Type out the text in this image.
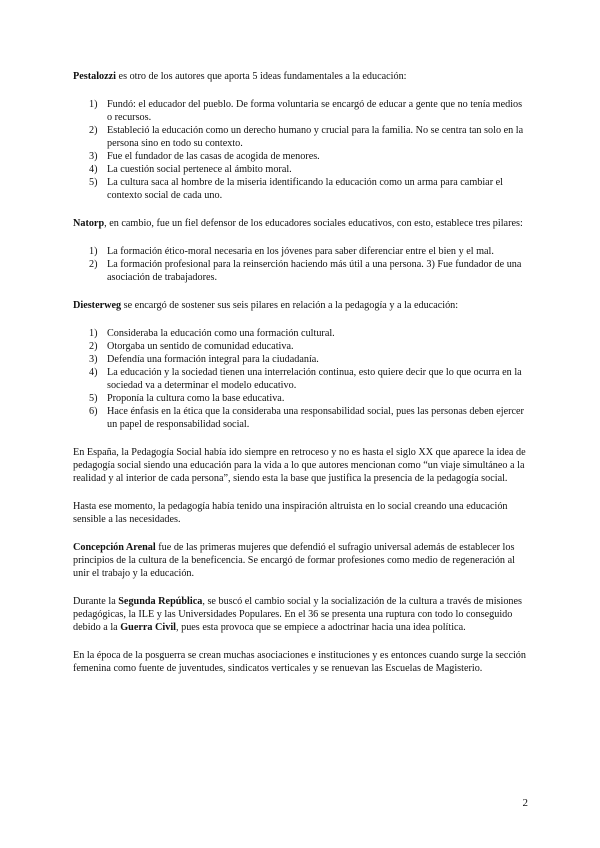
Pestalozzi es otro de los autores que aporta 5 ideas fundamentales a la educación:

1) Fundó: el educador del pueblo. De forma voluntaria se encargó de educar a gente que no tenía medios o recursos.
2) Estableció la educación como un derecho humano y crucial para la familia. No se centra tan solo en la persona sino en todo su contexto.
3) Fue el fundador de las casas de acogida de menores.
4) La cuestión social pertenece al ámbito moral.
5) La cultura saca al hombre de la miseria identificando la educación como un arma para cambiar el contexto social de cada uno.

Natorp, en cambio, fue un fiel defensor de los educadores sociales educativos, con esto, establece tres pilares:

1) La formación ético-moral necesaria en los jóvenes para saber diferenciar entre el bien y el mal.
2) La formación profesional para la reinserción haciendo más útil a una persona. 3) Fue fundador de una asociación de trabajadores.

Diesterweg se encargó de sostener sus seis pilares en relación a la pedagogía y a la educación:

1) Consideraba la educación como una formación cultural.
2) Otorgaba un sentido de comunidad educativa.
3) Defendía una formación integral para la ciudadanía.
4) La educación y la sociedad tienen una interrelación continua, esto quiere decir que lo que ocurra en la sociedad va a determinar el modelo educativo.
5) Proponía la cultura como la base educativa.
6) Hace énfasis en la ética que la consideraba una responsabilidad social, pues las personas deben ejercer un papel de responsabilidad social.

En España, la Pedagogía Social había ido siempre en retroceso y no es hasta el siglo XX que aparece la idea de pedagogía social siendo una educación para la vida a lo que autores mencionan como “un viaje simultáneo a la realidad y al interior de cada persona”, siendo esta la base que justifica la presencia de la pedagogía social.

Hasta ese momento, la pedagogía había tenido una inspiración altruista en lo social creando una educación sensible a las necesidades.

Concepción Arenal fue de las primeras mujeres que defendió el sufragio universal además de establecer los principios de la cultura de la beneficencia. Se encargó de formar profesiones como medio de regeneración al unir el trabajo y la educación.

Durante la Segunda República, se buscó el cambio social y la socialización de la cultura a través de misiones pedagógicas, la ILE y las Universidades Populares. En el 36 se presenta una ruptura con todo lo conseguido debido a la Guerra Civil, pues esta provoca que se empiece a adoctrinar hacia una idea política.

En la época de la posguerra se crean muchas asociaciones e instituciones y es entonces cuando surge la sección femenina como fuente de juventudes, sindicatos verticales y se renuevan las Escuelas de Magisterio.

2
